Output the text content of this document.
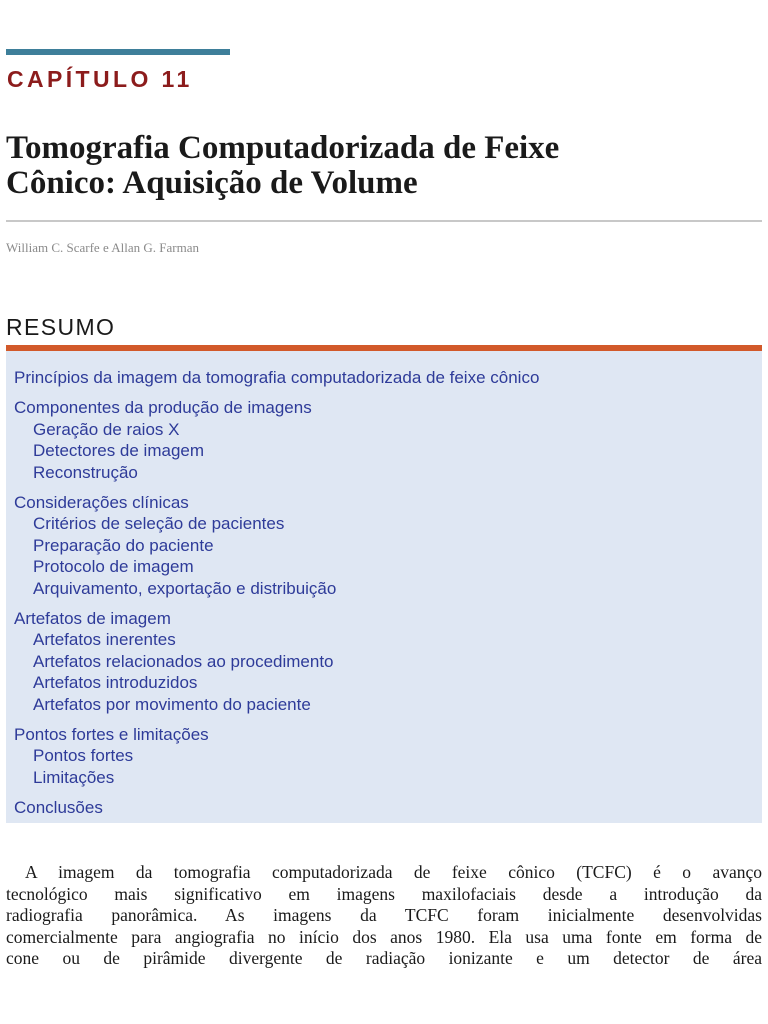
CAPÍTULO 11
Tomografia Computadorizada de Feixe
Cônico: Aquisição de Volume
William C. Scarfe e Allan G. Farman
RESUMO
Princípios da imagem da tomografia computadorizada de feixe cônico
Componentes da produção de imagens
Geração de raios X
Detectores de imagem
Reconstrução
Considerações clínicas
Critérios de seleção de pacientes
Preparação do paciente
Protocolo de imagem
Arquivamento, exportação e distribuição
Artefatos de imagem
Artefatos inerentes
Artefatos relacionados ao procedimento
Artefatos introduzidos
Artefatos por movimento do paciente
Pontos fortes e limitações
Pontos fortes
Limitações
Conclusões
A imagem da tomografia computadorizada de feixe cônico (TCFC) é o avanço
tecnológico mais significativo em imagens maxilofaciais desde a introdução da
radiografia panorâmica. As imagens da TCFC foram inicialmente desenvolvidas
comercialmente para angiografia no início dos anos 1980. Ela usa uma fonte em forma de
cone ou de pirâmide divergente de radiação ionizante e um detector de área
